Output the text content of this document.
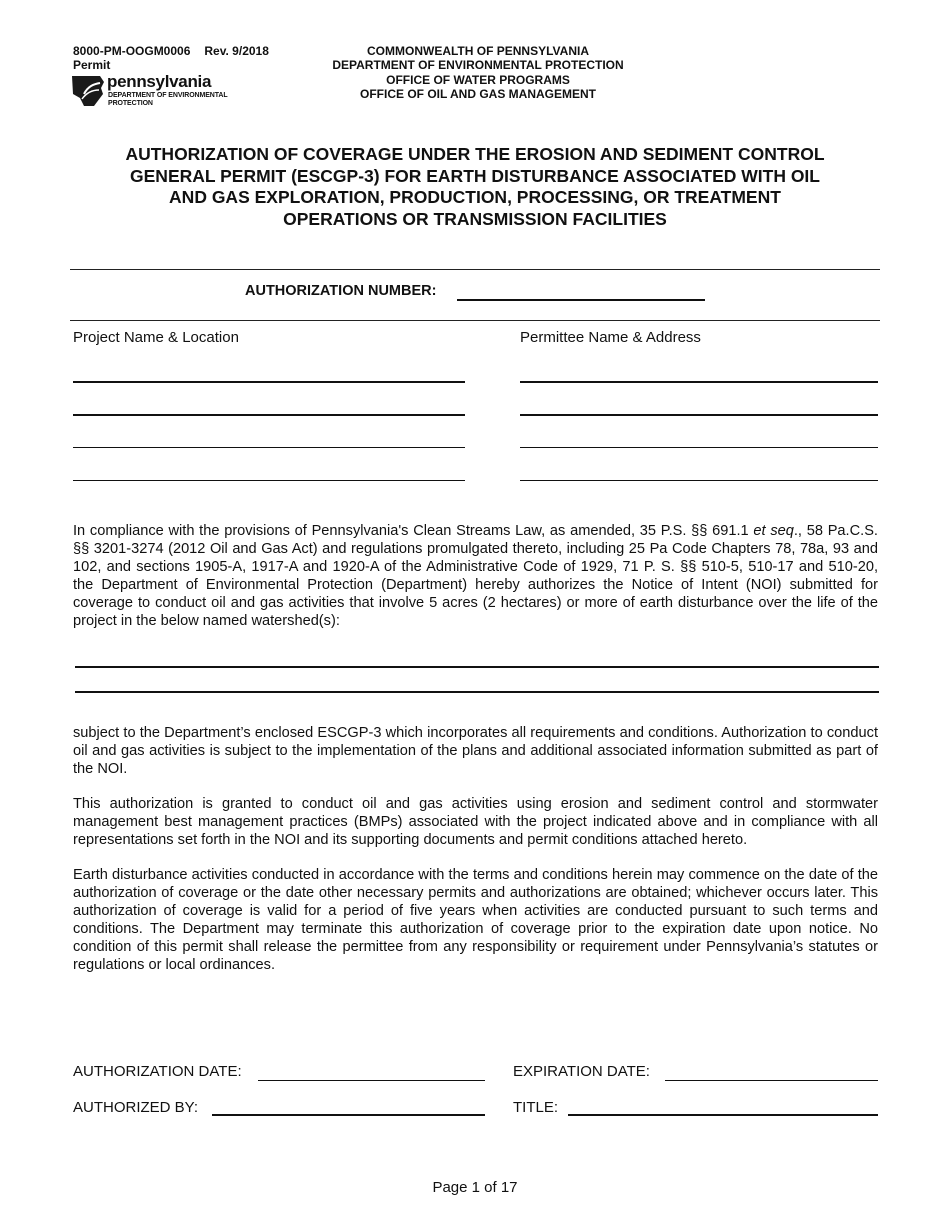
8000-PM-OOGM0006 Rev. 9/2018
Permit
pennsylvania
DEPARTMENT OF ENVIRONMENTAL
PROTECTION
COMMONWEALTH OF PENNSYLVANIA
DEPARTMENT OF ENVIRONMENTAL PROTECTION
OFFICE OF WATER PROGRAMS
OFFICE OF OIL AND GAS MANAGEMENT
AUTHORIZATION OF COVERAGE UNDER THE EROSION AND SEDIMENT CONTROL
GENERAL PERMIT (ESCGP-3) FOR EARTH DISTURBANCE ASSOCIATED WITH OIL
AND GAS EXPLORATION, PRODUCTION, PROCESSING, OR TREATMENT
OPERATIONS OR TRANSMISSION FACILITIES
AUTHORIZATION NUMBER:
Project Name & Location	Permittee Name & Address
In compliance with the provisions of Pennsylvania's Clean Streams Law, as amended, 35 P.S. §§ 691.1 et seq., 58 Pa.C.S. §§ 3201-3274 (2012 Oil and Gas Act) and regulations promulgated thereto, including 25 Pa Code Chapters 78, 78a, 93 and 102, and sections 1905-A, 1917-A and 1920-A of the Administrative Code of 1929, 71 P. S. §§ 510-5, 510-17 and 510-20, the Department of Environmental Protection (Department) hereby authorizes the Notice of Intent (NOI) submitted for coverage to conduct oil and gas activities that involve 5 acres (2 hectares) or more of earth disturbance over the life of the project in the below named watershed(s):
subject to the Department’s enclosed ESCGP-3 which incorporates all requirements and conditions. Authorization to conduct oil and gas activities is subject to the implementation of the plans and additional associated information submitted as part of the NOI.
This authorization is granted to conduct oil and gas activities using erosion and sediment control and stormwater management best management practices (BMPs) associated with the project indicated above and in compliance with all representations set forth in the NOI and its supporting documents and permit conditions attached hereto.
Earth disturbance activities conducted in accordance with the terms and conditions herein may commence on the date of the authorization of coverage or the date other necessary permits and authorizations are obtained; whichever occurs later. This authorization of coverage is valid for a period of five years when activities are conducted pursuant to such terms and conditions. The Department may terminate this authorization of coverage prior to the expiration date upon notice. No condition of this permit shall release the permittee from any responsibility or requirement under Pennsylvania’s statutes or regulations or local ordinances.
AUTHORIZATION DATE:	EXPIRATION DATE:
AUTHORIZED BY:	TITLE:
Page 1 of 17
